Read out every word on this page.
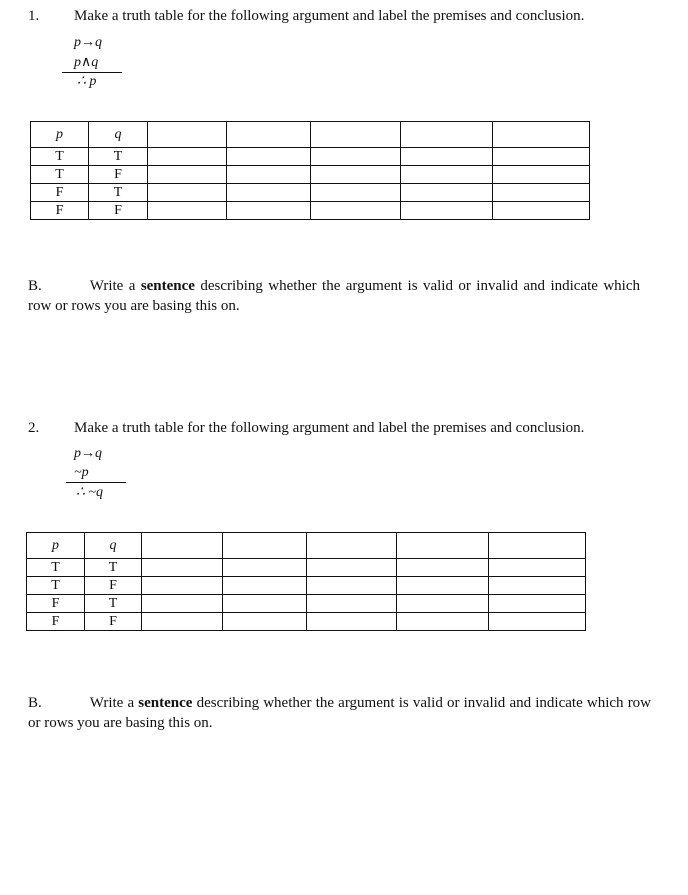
1. Make a truth table for the following argument and label the premises and conclusion.
p→q
p∧q
∴ p
p	q					
T	T					
T	F					
F	T					
F	F					
B.	Write a sentence describing whether the argument is valid or invalid and indicate which row or rows you are basing this on.
2. Make a truth table for the following argument and label the premises and conclusion.
p→q
~p
∴ ~q
p	q					
T	T					
T	F					
F	T					
F	F					
B.	Write a sentence describing whether the argument is valid or invalid and indicate which row or rows you are basing this on.
